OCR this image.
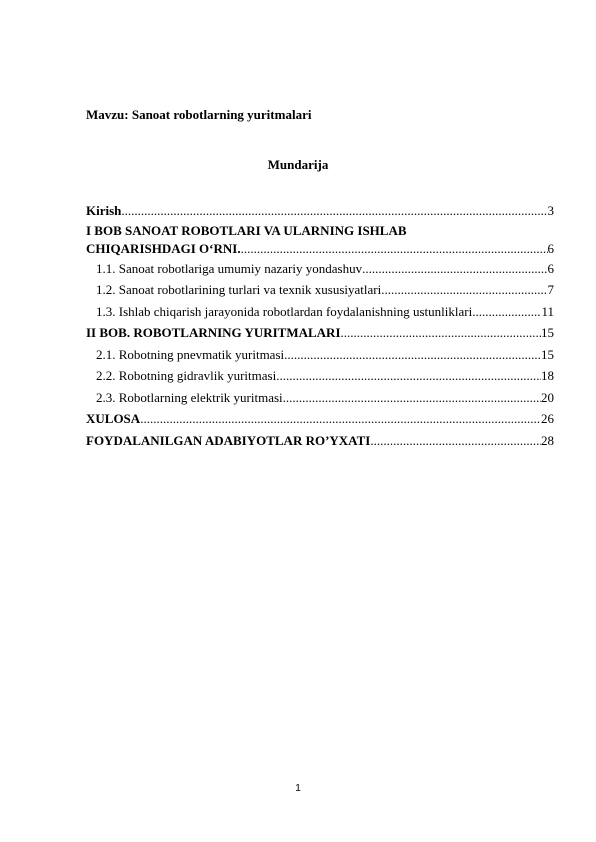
Mavzu: Sanoat robotlarning yuritmalari
Mundarija
Kirish .....	3
I BOB SANOAT ROBOTLARI VA ULARNING ISHLAB
CHIQARISHDAGI O‘RNI. .....	6
1.1. Sanoat robotlariga umumiy nazariy yondashuv .....	6
1.2. Sanoat robotlarining turlari va texnik xususiyatlari .....	7
1.3. Ishlab chiqarish jarayonida robotlardan foydalanishning ustunliklari .....	11
II BOB. ROBOTLARNING YURITMALARI .....	15
2.1. Robotning pnevmatik yuritmasi .....	15
2.2. Robotning gidravlik yuritmasi .....	18
2.3. Robotlarning elektrik yuritmasi .....	20
XULOSA .....	26
FOYDALANILGAN ADABIYOTLAR RO’YXATI .....	28
1
